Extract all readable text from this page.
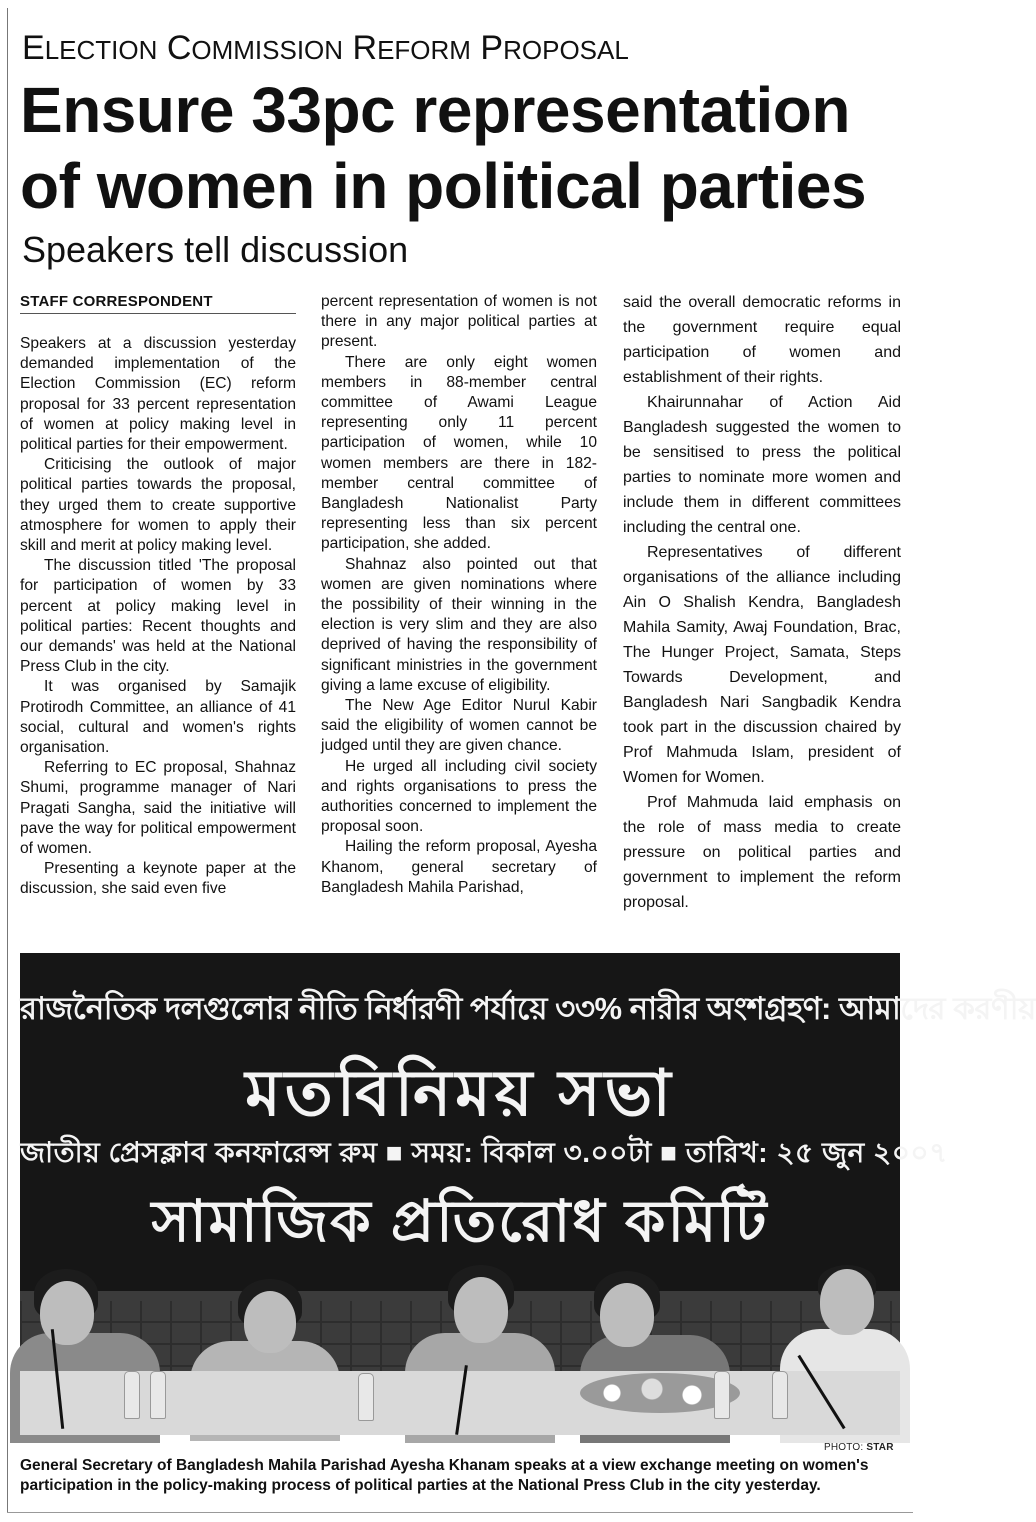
ELECTION COMMISSION REFORM PROPOSAL
Ensure 33pc representation of women in political parties
Speakers tell discussion

STAFF CORRESPONDENT

Speakers at a discussion yesterday demanded implementation of the Election Commission (EC) reform proposal for 33 percent representation of women at policy making level in political parties for their empowerment.

Criticising the outlook of major political parties towards the proposal, they urged them to create supportive atmosphere for women to apply their skill and merit at policy making level.

The discussion titled 'The proposal for participation of women by 33 percent at policy making level in political parties: Recent thoughts and our demands' was held at the National Press Club in the city.

It was organised by Samajik Protirodh Committee, an alliance of 41 social, cultural and women's rights organisation.

Referring to EC proposal, Shahnaz Shumi, programme manager of Nari Pragati Sangha, said the initiative will pave the way for political empowerment of women.

Presenting a keynote paper at the discussion, she said even five

percent representation of women is not there in any major political parties at present.

There are only eight women members in 88-member central committee of Awami League representing only 11 percent participation of women, while 10 women members are there in 182-member central committee of Bangladesh Nationalist Party representing less than six percent participation, she added.

Shahnaz also pointed out that women are given nominations where the possibility of their winning in the election is very slim and they are also deprived of having the responsibility of significant ministries in the government giving a lame excuse of eligibility.

The New Age Editor Nurul Kabir said the eligibility of women cannot be judged until they are given chance.

He urged all including civil society and rights organisations to press the authorities concerned to implement the proposal soon.

Hailing the reform proposal, Ayesha Khanom, general secretary of Bangladesh Mahila Parishad,

said the overall democratic reforms in the government require equal participation of women and establishment of their rights.

Khairunnahar of Action Aid Bangladesh suggested the women to be sensitised to press the political parties to nominate more women and include them in different committees including the central one.

Representatives of different organisations of the alliance including Ain O Shalish Kendra, Bangladesh Mahila Samity, Awaj Foundation, Brac, The Hunger Project, Samata, Steps Towards Development, and Bangladesh Nari Sangbadik Kendra took part in the discussion chaired by Prof Mahmuda Islam, president of Women for Women.

Prof Mahmuda laid emphasis on the role of mass media to create pressure on political parties and government to implement the reform proposal.

রাজনৈতিক দলগুলোর নীতি নির্ধারণী পর্যায়ে ৩৩% নারীর অংশগ্রহণ: আমাদের করণীয়
মতবিনিময় সভা
জাতীয় প্রেসক্লাব কনফারেন্স রুম ■ সময়: বিকাল ৩.০০টা ■ তারিখ: ২৫ জুন ২০০৭
সামাজিক প্রতিরোধ কমিটি
PHOTO: STAR

General Secretary of Bangladesh Mahila Parishad Ayesha Khanam speaks at a view exchange meeting on women's participation in the policy-making process of political parties at the National Press Club in the city yesterday.
